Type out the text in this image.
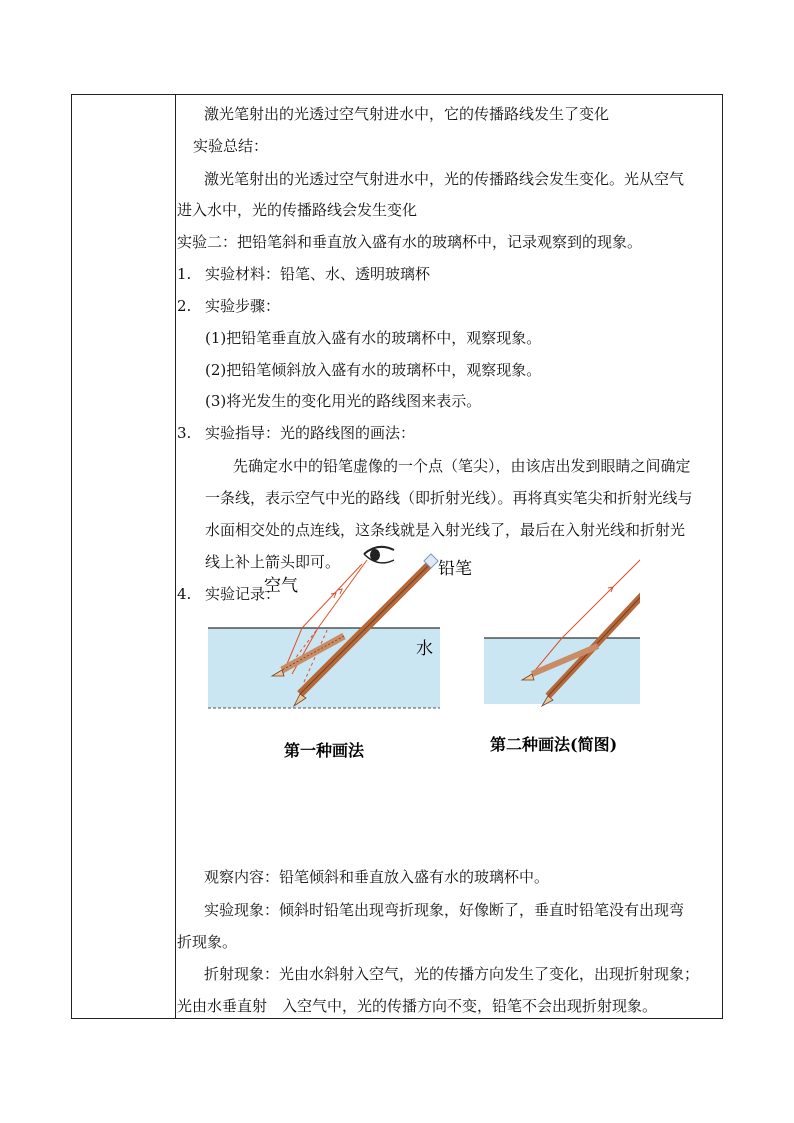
激光笔射出的光透过空气射进水中，它的传播路线发生了变化
实验总结：
激光笔射出的光透过空气射进水中，光的传播路线会发生变化。光从空气
进入水中，光的传播路线会发生变化
实验二：把铅笔斜和垂直放入盛有水的玻璃杯中，记录观察到的现象。
1. 实验材料：铅笔、水、透明玻璃杯
2. 实验步骤：
(1)把铅笔垂直放入盛有水的玻璃杯中，观察现象。
(2)把铅笔倾斜放入盛有水的玻璃杯中，观察现象。
(3)将光发生的变化用光的路线图来表示。
3. 实验指导：光的路线图的画法：
先确定水中的铅笔虚像的一个点（笔尖），由该店出发到眼睛之间确定
一条线，表示空气中光的路线（即折射光线）。再将真实笔尖和折射光线与
水面相交处的点连线，这条线就是入射光线了，最后在入射光线和折射光
线上补上箭头即可。
4. 实验记录：
观察内容：铅笔倾斜和垂直放入盛有水的玻璃杯中。
实验现象：倾斜时铅笔出现弯折现象，好像断了，垂直时铅笔没有出现弯
折现象。
折射现象：光由水斜射入空气，光的传播方向发生了变化，出现折射现象；
光由水垂直射　入空气中，光的传播方向不变，铅笔不会出现折射现象。
空气
铅笔
水
第一种画法	第二种画法(简图)
